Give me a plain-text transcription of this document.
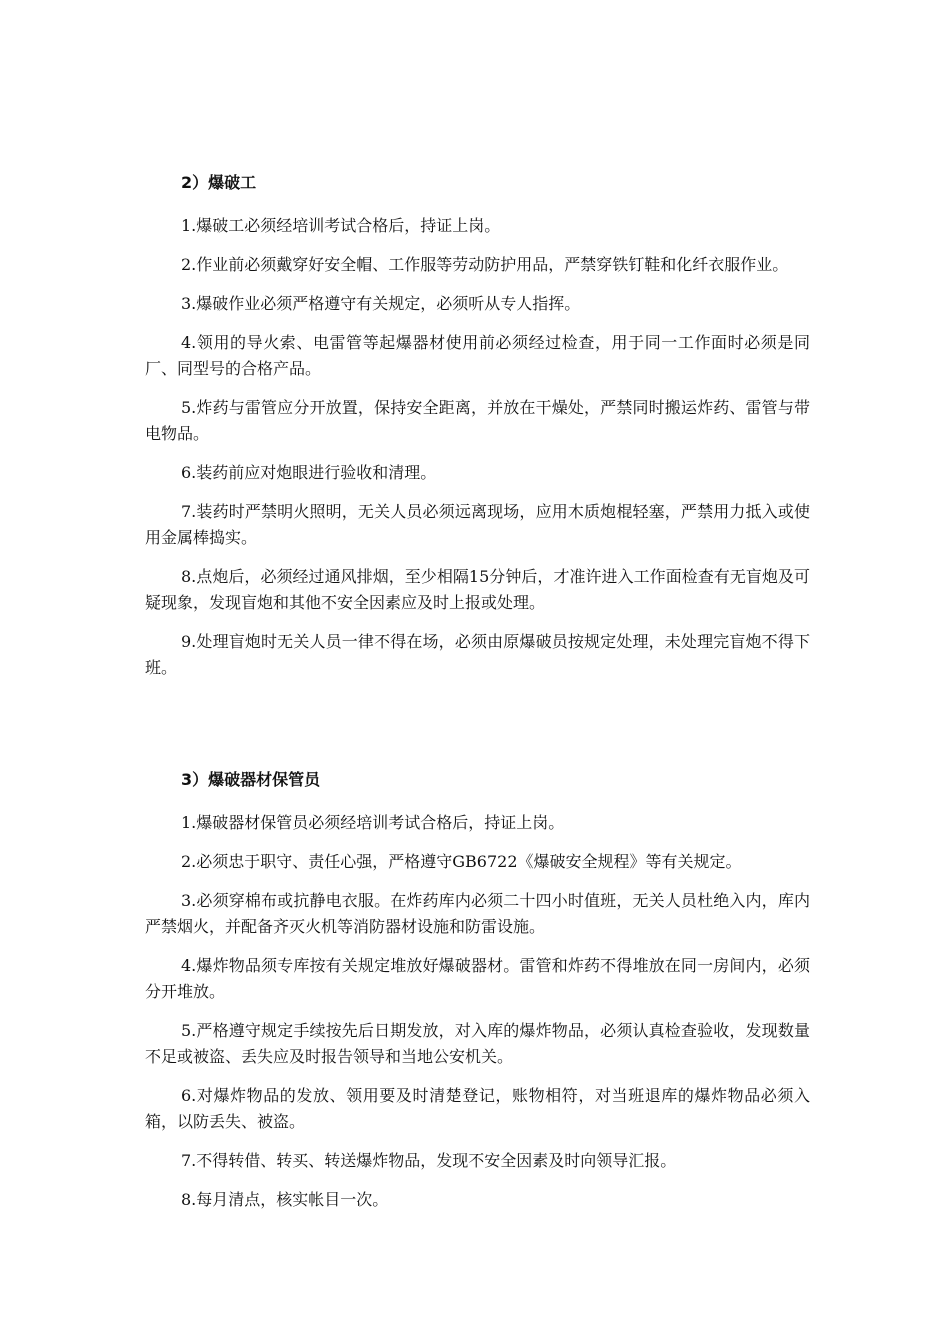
2）爆破工

1.爆破工必须经培训考试合格后，持证上岗。

2.作业前必须戴穿好安全帽、工作服等劳动防护用品，严禁穿铁钉鞋和化纤衣服作业。

3.爆破作业必须严格遵守有关规定，必须听从专人指挥。

4.领用的导火索、电雷管等起爆器材使用前必须经过检查，用于同一工作面时必须是同厂、同型号的合格产品。

5.炸药与雷管应分开放置，保持安全距离，并放在干燥处，严禁同时搬运炸药、雷管与带电物品。

6.装药前应对炮眼进行验收和清理。

7.装药时严禁明火照明，无关人员必须远离现场，应用木质炮棍轻塞，严禁用力抵入或使用金属棒捣实。

8.点炮后，必须经过通风排烟，至少相隔15分钟后，才准许进入工作面检查有无盲炮及可疑现象，发现盲炮和其他不安全因素应及时上报或处理。

9.处理盲炮时无关人员一律不得在场，必须由原爆破员按规定处理，未处理完盲炮不得下班。

3）爆破器材保管员

1.爆破器材保管员必须经培训考试合格后，持证上岗。

2.必须忠于职守、责任心强，严格遵守GB6722《爆破安全规程》等有关规定。

3.必须穿棉布或抗静电衣服。在炸药库内必须二十四小时值班，无关人员杜绝入内，库内严禁烟火，并配备齐灭火机等消防器材设施和防雷设施。

4.爆炸物品须专库按有关规定堆放好爆破器材。雷管和炸药不得堆放在同一房间内，必须分开堆放。

5.严格遵守规定手续按先后日期发放，对入库的爆炸物品，必须认真检查验收，发现数量不足或被盗、丢失应及时报告领导和当地公安机关。

6.对爆炸物品的发放、领用要及时清楚登记，账物相符，对当班退库的爆炸物品必须入箱，以防丢失、被盗。

7.不得转借、转买、转送爆炸物品，发现不安全因素及时向领导汇报。

8.每月清点，核实帐目一次。
